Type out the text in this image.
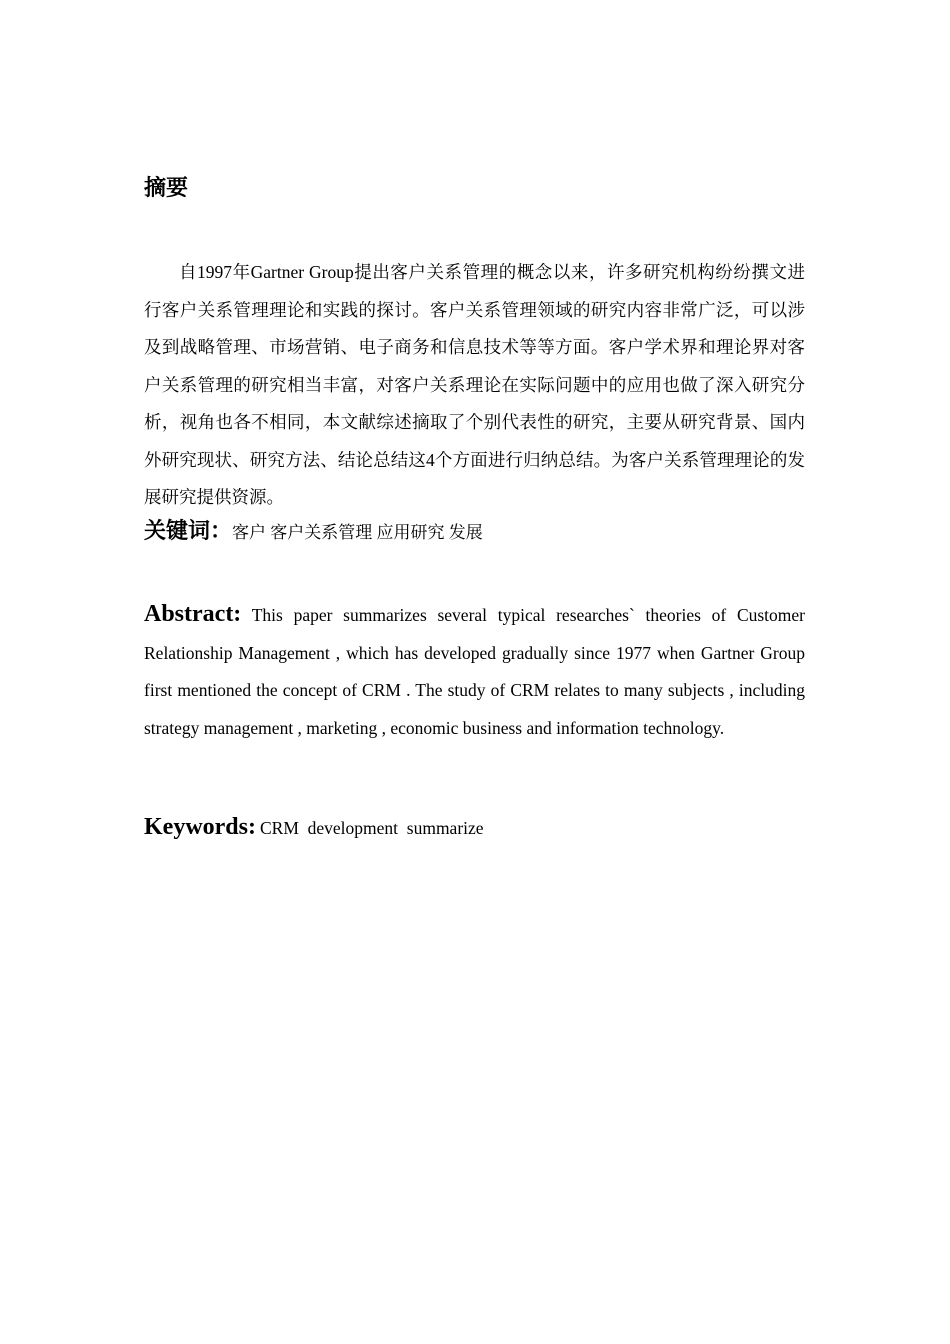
摘要

自1997年Gartner Group提出客户关系管理的概念以来，许多研究机构纷纷撰文进行客户关系管理理论和实践的探讨。客户关系管理领域的研究内容非常广泛，可以涉及到战略管理、市场营销、电子商务和信息技术等等方面。客户学术界和理论界对客户关系管理的研究相当丰富，对客户关系理论在实际问题中的应用也做了深入研究分析，视角也各不相同，本文献综述摘取了个别代表性的研究，主要从研究背景、国内外研究现状、研究方法、结论总结这4个方面进行归纳总结。为客户关系管理理论的发展研究提供资源。

关键词：客户 客户关系管理 应用研究 发展

Abstract: This paper summarizes several typical researches` theories of Customer Relationship Management , which has developed gradually since 1977 when Gartner Group first mentioned the concept of CRM . The study of CRM relates to many subjects , including strategy management , marketing , economic business and information technology.

Keywords: CRM  development  summarize
